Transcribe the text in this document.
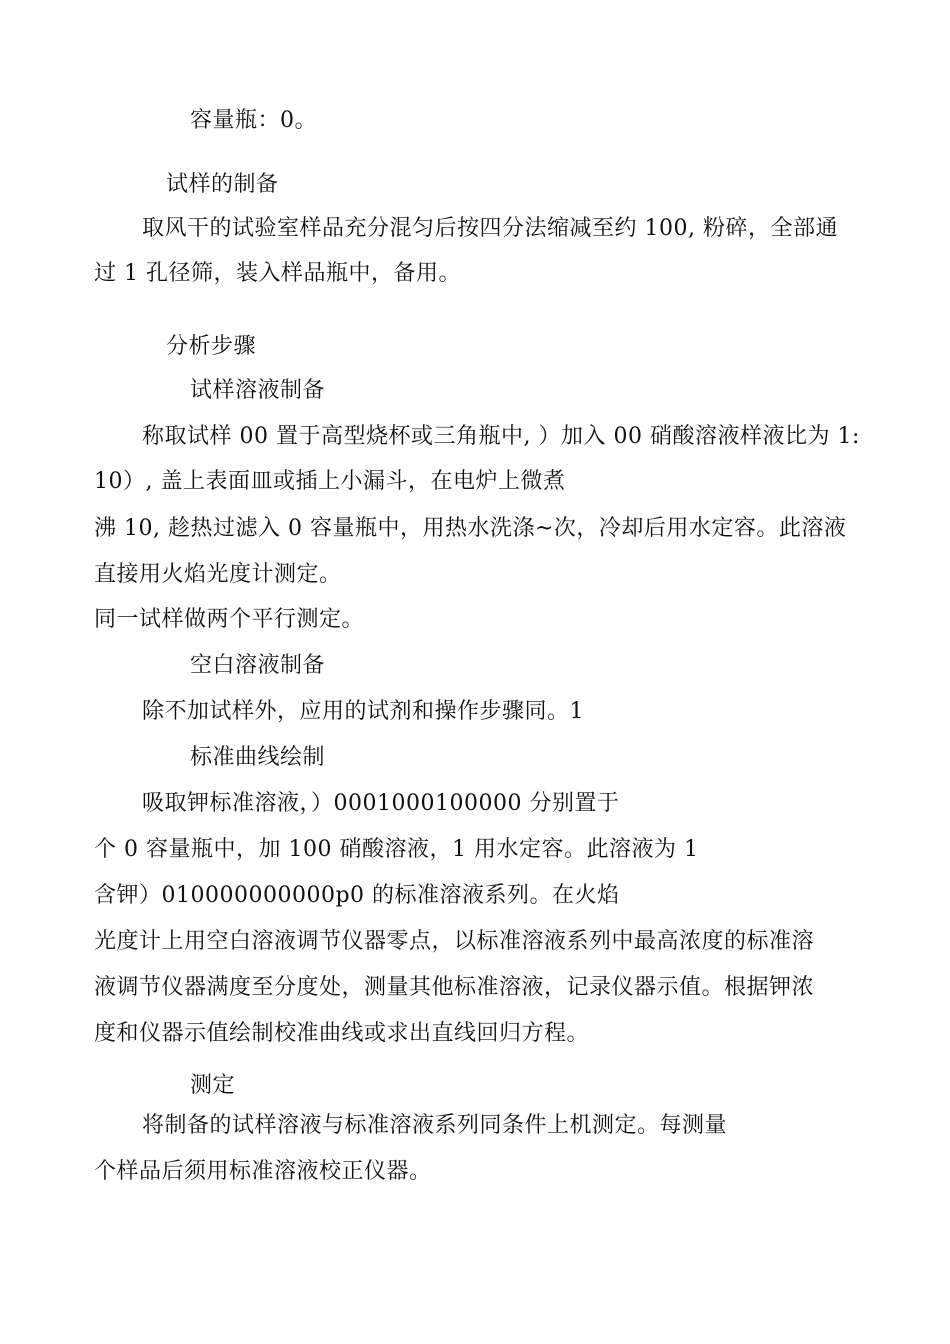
容量瓶：0。
试样的制备
取风干的试验室样品充分混匀后按四分法缩减至约 100, 粉碎，全部通
过 1 孔径筛，装入样品瓶中，备用。
分析步骤
试样溶液制备
称取试样 00 置于高型烧杯或三角瓶中, ）加入 00 硝酸溶液样液比为 1:
10）, 盖上表面皿或插上小漏斗，在电炉上微煮
沸 10, 趁热过滤入 0 容量瓶中，用热水洗涤~次，冷却后用水定容。此溶液
直接用火焰光度计测定。
同一试样做两个平行测定。
空白溶液制备
除不加试样外，应用的试剂和操作步骤同。1
标准曲线绘制
吸取钾标准溶液，）0001000100000 分别置于
个 0 容量瓶中，加 100 硝酸溶液，1 用水定容。此溶液为 1
含钾）010000000000p0 的标准溶液系列。在火焰
光度计上用空白溶液调节仪器零点，以标准溶液系列中最高浓度的标准溶
液调节仪器满度至分度处，测量其他标准溶液，记录仪器示值。根据钾浓
度和仪器示值绘制校准曲线或求出直线回归方程。
测定
将制备的试样溶液与标准溶液系列同条件上机测定。每测量
个样品后须用标准溶液校正仪器。
